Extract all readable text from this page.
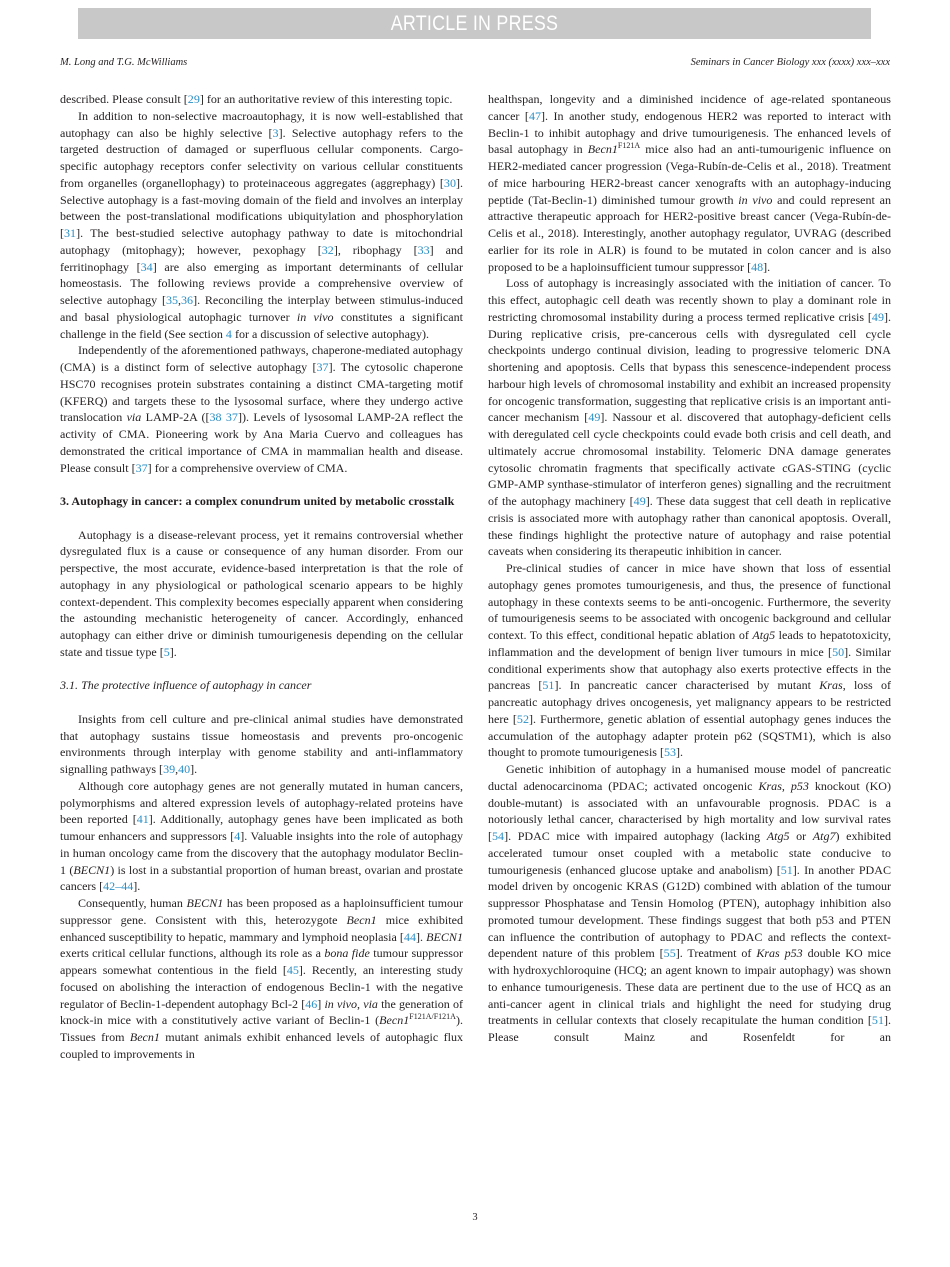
ARTICLE IN PRESS
M. Long and T.G. McWilliams	Seminars in Cancer Biology xxx (xxxx) xxx–xxx

described. Please consult [29] for an authoritative review of this interesting topic.

In addition to non-selective macroautophagy, it is now well-established that autophagy can also be highly selective [3]. Selective autophagy refers to the targeted destruction of damaged or superfluous cellular components. Cargo-specific autophagy receptors confer selectivity on various cellular constituents from organelles (organellophagy) to proteinaceous aggregates (aggrephagy) [30]. Selective autophagy is a fast-moving domain of the field and involves an interplay between the post-translational modifications ubiquitylation and phosphorylation [31]. The best-studied selective autophagy pathway to date is mitochondrial autophagy (mitophagy); however, pexophagy [32], ribophagy [33] and ferritinophagy [34] are also emerging as important determinants of cellular homeostasis. The following reviews provide a comprehensive overview of selective autophagy [35,36]. Reconciling the interplay between stimulus-induced and basal physiological autophagic turnover in vivo constitutes a significant challenge in the field (See section 4 for a discussion of selective autophagy).

Independently of the aforementioned pathways, chaperone-mediated autophagy (CMA) is a distinct form of selective autophagy [37]. The cytosolic chaperone HSC70 recognises protein substrates containing a distinct CMA-targeting motif (KFERQ) and targets these to the lysosomal surface, where they undergo active translocation via LAMP-2A ([38 37]). Levels of lysosomal LAMP-2A reflect the activity of CMA. Pioneering work by Ana Maria Cuervo and colleagues has demonstrated the critical importance of CMA in mammalian health and disease. Please consult [37] for a comprehensive overview of CMA.

3. Autophagy in cancer: a complex conundrum united by metabolic crosstalk

Autophagy is a disease-relevant process, yet it remains controversial whether dysregulated flux is a cause or consequence of any human disorder. From our perspective, the most accurate, evidence-based interpretation is that the role of autophagy in any physiological or pathological scenario appears to be highly context-dependent. This complexity becomes especially apparent when considering the astounding mechanistic heterogeneity of cancer. Accordingly, enhanced autophagy can either drive or diminish tumourigenesis depending on the cellular state and tissue type [5].

3.1. The protective influence of autophagy in cancer

Insights from cell culture and pre-clinical animal studies have demonstrated that autophagy sustains tissue homeostasis and prevents pro-oncogenic environments through interplay with genome stability and anti-inflammatory signalling pathways [39,40].

Although core autophagy genes are not generally mutated in human cancers, polymorphisms and altered expression levels of autophagy-related proteins have been reported [41]. Additionally, autophagy genes have been implicated as both tumour enhancers and suppressors [4]. Valuable insights into the role of autophagy in human oncology came from the discovery that the autophagy modulator Beclin-1 (BECN1) is lost in a substantial proportion of human breast, ovarian and prostate cancers [42–44].

Consequently, human BECN1 has been proposed as a haploinsufficient tumour suppressor gene. Consistent with this, heterozygote Becn1 mice exhibited enhanced susceptibility to hepatic, mammary and lymphoid neoplasia [44]. BECN1 exerts critical cellular functions, although its role as a bona fide tumour suppressor appears somewhat contentious in the field [45]. Recently, an interesting study focused on abolishing the interaction of endogenous Beclin-1 with the negative regulator of Beclin-1-dependent autophagy Bcl-2 [46] in vivo, via the generation of knock-in mice with a constitutively active variant of Beclin-1 $(Becn1^{F121A/F121A})$. Tissues from Becn1 mutant animals exhibit enhanced levels of autophagic flux coupled to improvements in

healthspan, longevity and a diminished incidence of age-related spontaneous cancer [47]. In another study, endogenous HER2 was reported to interact with Beclin-1 to inhibit autophagy and drive tumourigenesis. The enhanced levels of basal autophagy in $Becn1^{F121A}$ mice also had an anti-tumourigenic influence on HER2-mediated cancer progression (Vega-Rubín-de-Celis et al., 2018). Treatment of mice harbouring HER2-breast cancer xenografts with an autophagy-inducing peptide (Tat-Beclin-1) diminished tumour growth in vivo and could represent an attractive therapeutic approach for HER2-positive breast cancer (Vega-Rubín-de-Celis et al., 2018). Interestingly, another autophagy regulator, UVRAG (described earlier for its role in ALR) is found to be mutated in colon cancer and is also proposed to be a haploinsufficient tumour suppressor [48].

Loss of autophagy is increasingly associated with the initiation of cancer. To this effect, autophagic cell death was recently shown to play a dominant role in restricting chromosomal instability during a process termed replicative crisis [49]. During replicative crisis, pre-cancerous cells with dysregulated cell cycle checkpoints undergo continual division, leading to progressive telomeric DNA shortening and apoptosis. Cells that bypass this senescence-independent process harbour high levels of chromosomal instability and exhibit an increased propensity for oncogenic transformation, suggesting that replicative crisis is an important anti-cancer mechanism [49]. Nassour et al. discovered that autophagy-deficient cells with deregulated cell cycle checkpoints could evade both crisis and cell death, and ultimately accrue chromosomal instability. Telomeric DNA damage generates cytosolic chromatin fragments that specifically activate cGAS-STING (cyclic GMP-AMP synthase-stimulator of interferon genes) signalling and the recruitment of the autophagy machinery [49]. These data suggest that cell death in replicative crisis is associated more with autophagy rather than canonical apoptosis. Overall, these findings highlight the protective nature of autophagy and raise potential caveats when considering its therapeutic inhibition in cancer.

Pre-clinical studies of cancer in mice have shown that loss of essential autophagy genes promotes tumourigenesis, and thus, the presence of functional autophagy in these contexts seems to be anti-oncogenic. Furthermore, the severity of tumourigenesis seems to be associated with oncogenic background and cellular context. To this effect, conditional hepatic ablation of Atg5 leads to hepatotoxicity, inflammation and the development of benign liver tumours in mice [50]. Similar conditional experiments show that autophagy also exerts protective effects in the pancreas [51]. In pancreatic cancer characterised by mutant Kras, loss of pancreatic autophagy drives oncogenesis, yet malignancy appears to be restricted here [52]. Furthermore, genetic ablation of essential autophagy genes induces the accumulation of the autophagy adapter protein p62 (SQSTM1), which is also thought to promote tumourigenesis [53].

Genetic inhibition of autophagy in a humanised mouse model of pancreatic ductal adenocarcinoma (PDAC; activated oncogenic Kras, p53 knockout (KO) double-mutant) is associated with an unfavourable prognosis. PDAC is a notoriously lethal cancer, characterised by high mortality and low survival rates [54]. PDAC mice with impaired autophagy (lacking Atg5 or Atg7) exhibited accelerated tumour onset coupled with a metabolic state conducive to tumourigenesis (enhanced glucose uptake and anabolism) [51]. In another PDAC model driven by oncogenic KRAS (G12D) combined with ablation of the tumour suppressor Phosphatase and Tensin Homolog (PTEN), autophagy inhibition also promoted tumour development. These findings suggest that both p53 and PTEN can influence the contribution of autophagy to PDAC and reflects the context-dependent nature of this problem [55]. Treatment of Kras p53 double KO mice with hydroxychloroquine (HCQ; an agent known to impair autophagy) was shown to enhance tumourigenesis. These data are pertinent due to the use of HCQ as an anti-cancer agent in clinical trials and highlight the need for studying drug treatments in cellular contexts that closely recapitulate the human condition [51]. Please consult Mainz and Rosenfeldt for an

3
